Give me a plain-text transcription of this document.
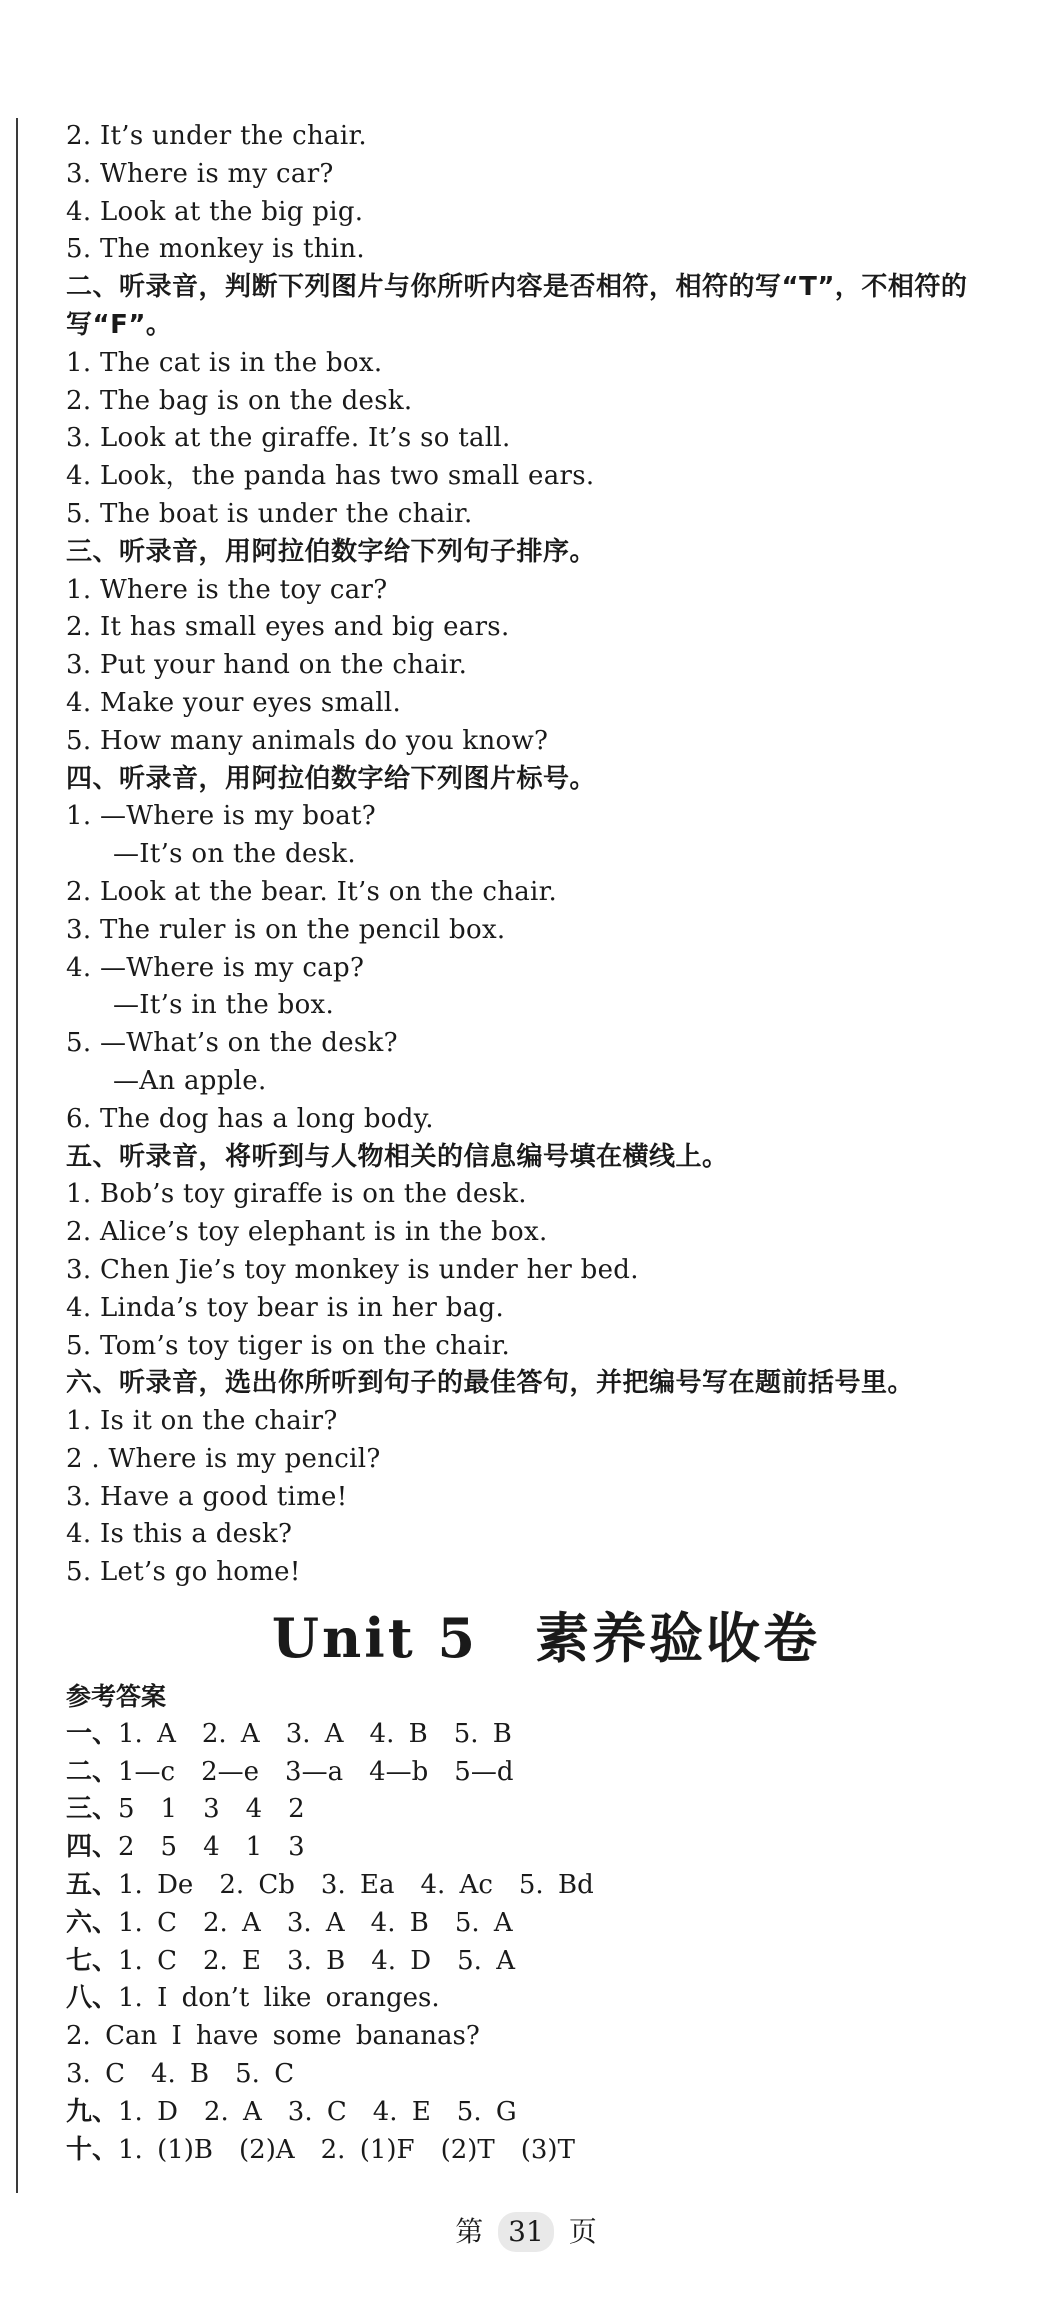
2. It’s under the chair.
3. Where is my car?
4. Look at the big pig.
5. The monkey is thin.
二、听录音，判断下列图片与你所听内容是否相符，相符的写“T”，不相符的写“F”。
1. The cat is in the box.
2. The bag is on the desk.
3. Look at the giraffe. It’s so tall.
4. Look，the panda has two small ears.
5. The boat is under the chair.
三、听录音，用阿拉伯数字给下列句子排序。
1. Where is the toy car?
2. It has small eyes and big ears.
3. Put your hand on the chair.
4. Make your eyes small.
5. How many animals do you know?
四、听录音，用阿拉伯数字给下列图片标号。
1. —Where is my boat?
—It’s on the desk.
2. Look at the bear. It’s on the chair.
3. The ruler is on the pencil box.
4. —Where is my cap?
—It’s in the box.
5. —What’s on the desk?
—An apple.
6. The dog has a long body.
五、听录音，将听到与人物相关的信息编号填在横线上。
1. Bob’s toy giraffe is on the desk.
2. Alice’s toy elephant is in the box.
3. Chen Jie’s toy monkey is under her bed.
4. Linda’s toy bear is in her bag.
5. Tom’s toy tiger is on the chair.
六、听录音，选出你所听到句子的最佳答句，并把编号写在题前括号里。
1. Is it on the chair?
2 . Where is my pencil?
3. Have a good time!
4. Is this a desk?
5. Let’s go home!
Unit 5　素养验收卷
参考答案
一、1. A　2. A　3. A　4. B　5. B
二、1—c　2—e　3—a　4—b　5—d
三、5　1　3　4　2
四、2　5　4　1　3
五、1. De　2. Cb　3. Ea　4. Ac　5. Bd
六、1. C　2. A　3. A　4. B　5. A
七、1. C　2. E　3. B　4. D　5. A
八、1. I don’t like oranges.
2. Can I have some bananas?
3. C　4. B　5. C
九、1. D　2. A　3. C　4. E　5. G
十、1. (1)B　(2)A　2. (1)F　(2)T　(3)T
第 31 页
